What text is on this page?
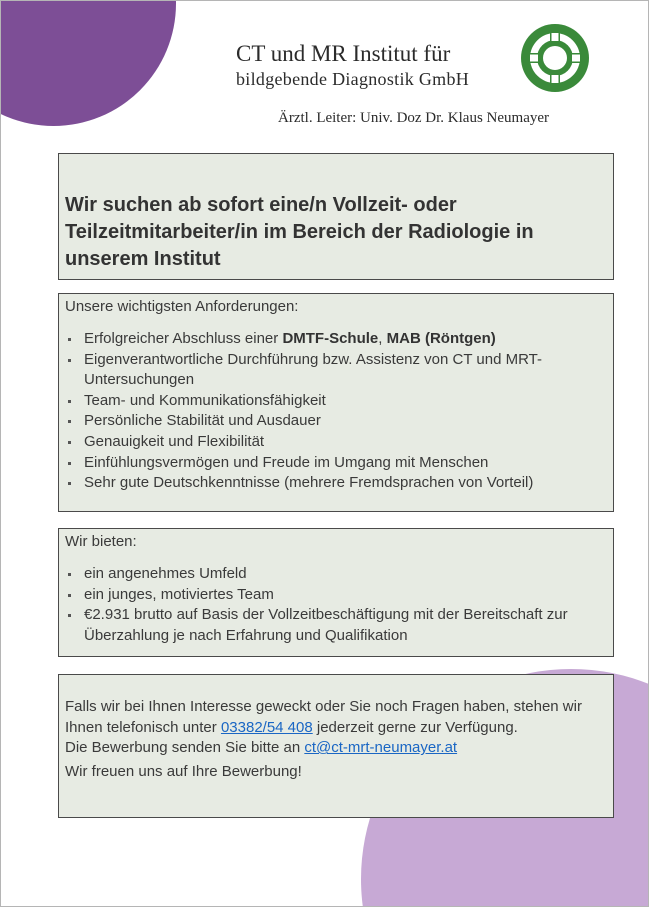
CT und MR Institut für
bildgebende Diagnostik GmbH
Ärztl. Leiter: Univ. Doz Dr. Klaus Neumayer
Wir suchen ab sofort eine/n Vollzeit- oder Teilzeitmitarbeiter/in im Bereich der Radiologie in unserem Institut
Unsere wichtigsten Anforderungen:
Erfolgreicher Abschluss einer DMTF-Schule, MAB (Röntgen)
Eigenverantwortliche Durchführung bzw. Assistenz von CT und MRT-Untersuchungen
Team- und Kommunikationsfähigkeit
Persönliche Stabilität und Ausdauer
Genauigkeit und Flexibilität
Einfühlungsvermögen und Freude im Umgang mit Menschen
Sehr gute Deutschkenntnisse (mehrere Fremdsprachen von Vorteil)
Wir bieten:
ein angenehmes Umfeld
ein junges, motiviertes Team
€2.931 brutto auf Basis der Vollzeitbeschäftigung mit der Bereitschaft zur Überzahlung je nach Erfahrung und Qualifikation

Falls wir bei Ihnen Interesse geweckt oder Sie noch Fragen haben, stehen wir Ihnen telefonisch unter 03382/54 408 jederzeit gerne zur Verfügung.

Die Bewerbung senden Sie bitte an ct@ct-mrt-neumayer.at

Wir freuen uns auf Ihre Bewerbung!
